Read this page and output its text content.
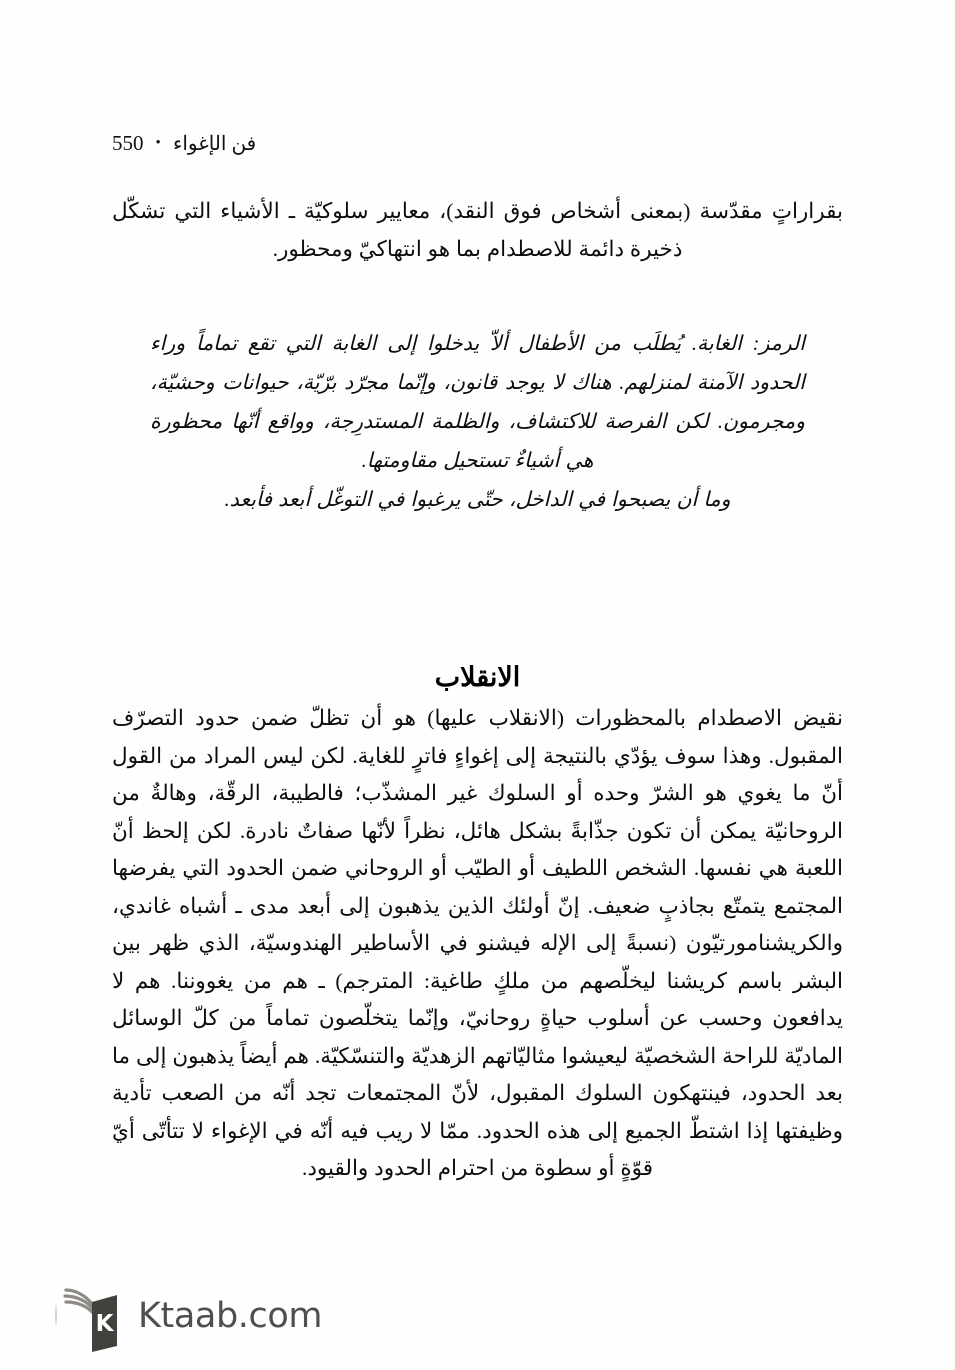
فن الإغواء•550

بقراراتٍ مقدّسة (بمعنى أشخاص فوق النقد)، معايير سلوكيّة ـ الأشياء التي تشكّل ذخيرة دائمة للاصطدام بما هو انتهاكيّ ومحظور.

الرمز: الغابة. يُطلَب من الأطفال ألاّ يدخلوا إلى الغابة التي تقع تماماً وراء الحدود الآمنة لمنزلهم. هناك لا يوجد قانون، وإنّما مجرّد برّيّة، حيوانات وحشيّة، ومجرمون. لكن الفرصة للاكتشاف، والظلمة المستدرِجة، وواقع أنّها محظورة هي أشياءٌ تستحيل مقاومتها.

وما أن يصبحوا في الداخل، حتّى يرغبوا في التوغّل أبعد فأبعد.

الانقلاب

نقيض الاصطدام بالمحظورات (الانقلاب عليها) هو أن تظلّ ضمن حدود التصرّف المقبول. وهذا سوف يؤدّي بالنتيجة إلى إغواءٍ فاترٍ للغاية. لكن ليس المراد من القول أنّ ما يغوي هو الشرّ وحده أو السلوك غير المشذّب؛ فالطيبة، الرقّة، وهالةٌ من الروحانيّة يمكن أن تكون جذّابةً بشكل هائل، نظراً لأنّها صفاتٌ نادرة. لكن إلحظ أنّ اللعبة هي نفسها. الشخص اللطيف أو الطيّب أو الروحاني ضمن الحدود التي يفرضها المجتمع يتمتّع بجاذبٍ ضعيف. إنّ أولئك الذين يذهبون إلى أبعد مدى ـ أشباه غاندي، والكريشنامورتيّون (نسبةً إلى الإله فيشنو في الأساطير الهندوسيّة، الذي ظهر بين البشر باسم كريشنا ليخلّصهم من ملكٍ طاغية: المترجم) ـ هم من يغووننا. هم لا يدافعون وحسب عن أسلوب حياةٍ روحانيّ، وإنّما يتخلّصون تماماً من كلّ الوسائل الماديّة للراحة الشخصيّة ليعيشوا مثاليّاتهم الزهديّة والتنسّكيّة. هم أيضاً يذهبون إلى ما بعد الحدود، فينتهكون السلوك المقبول، لأنّ المجتمعات تجد أنّه من الصعب تأدية وظيفتها إذا اشتطّ الجميع إلى هذه الحدود. ممّا لا ريب فيه أنّه في الإغواء لا تتأتّى أيّ قوّةٍ أو سطوة من احترام الحدود والقيود.

K Ktaab.com
